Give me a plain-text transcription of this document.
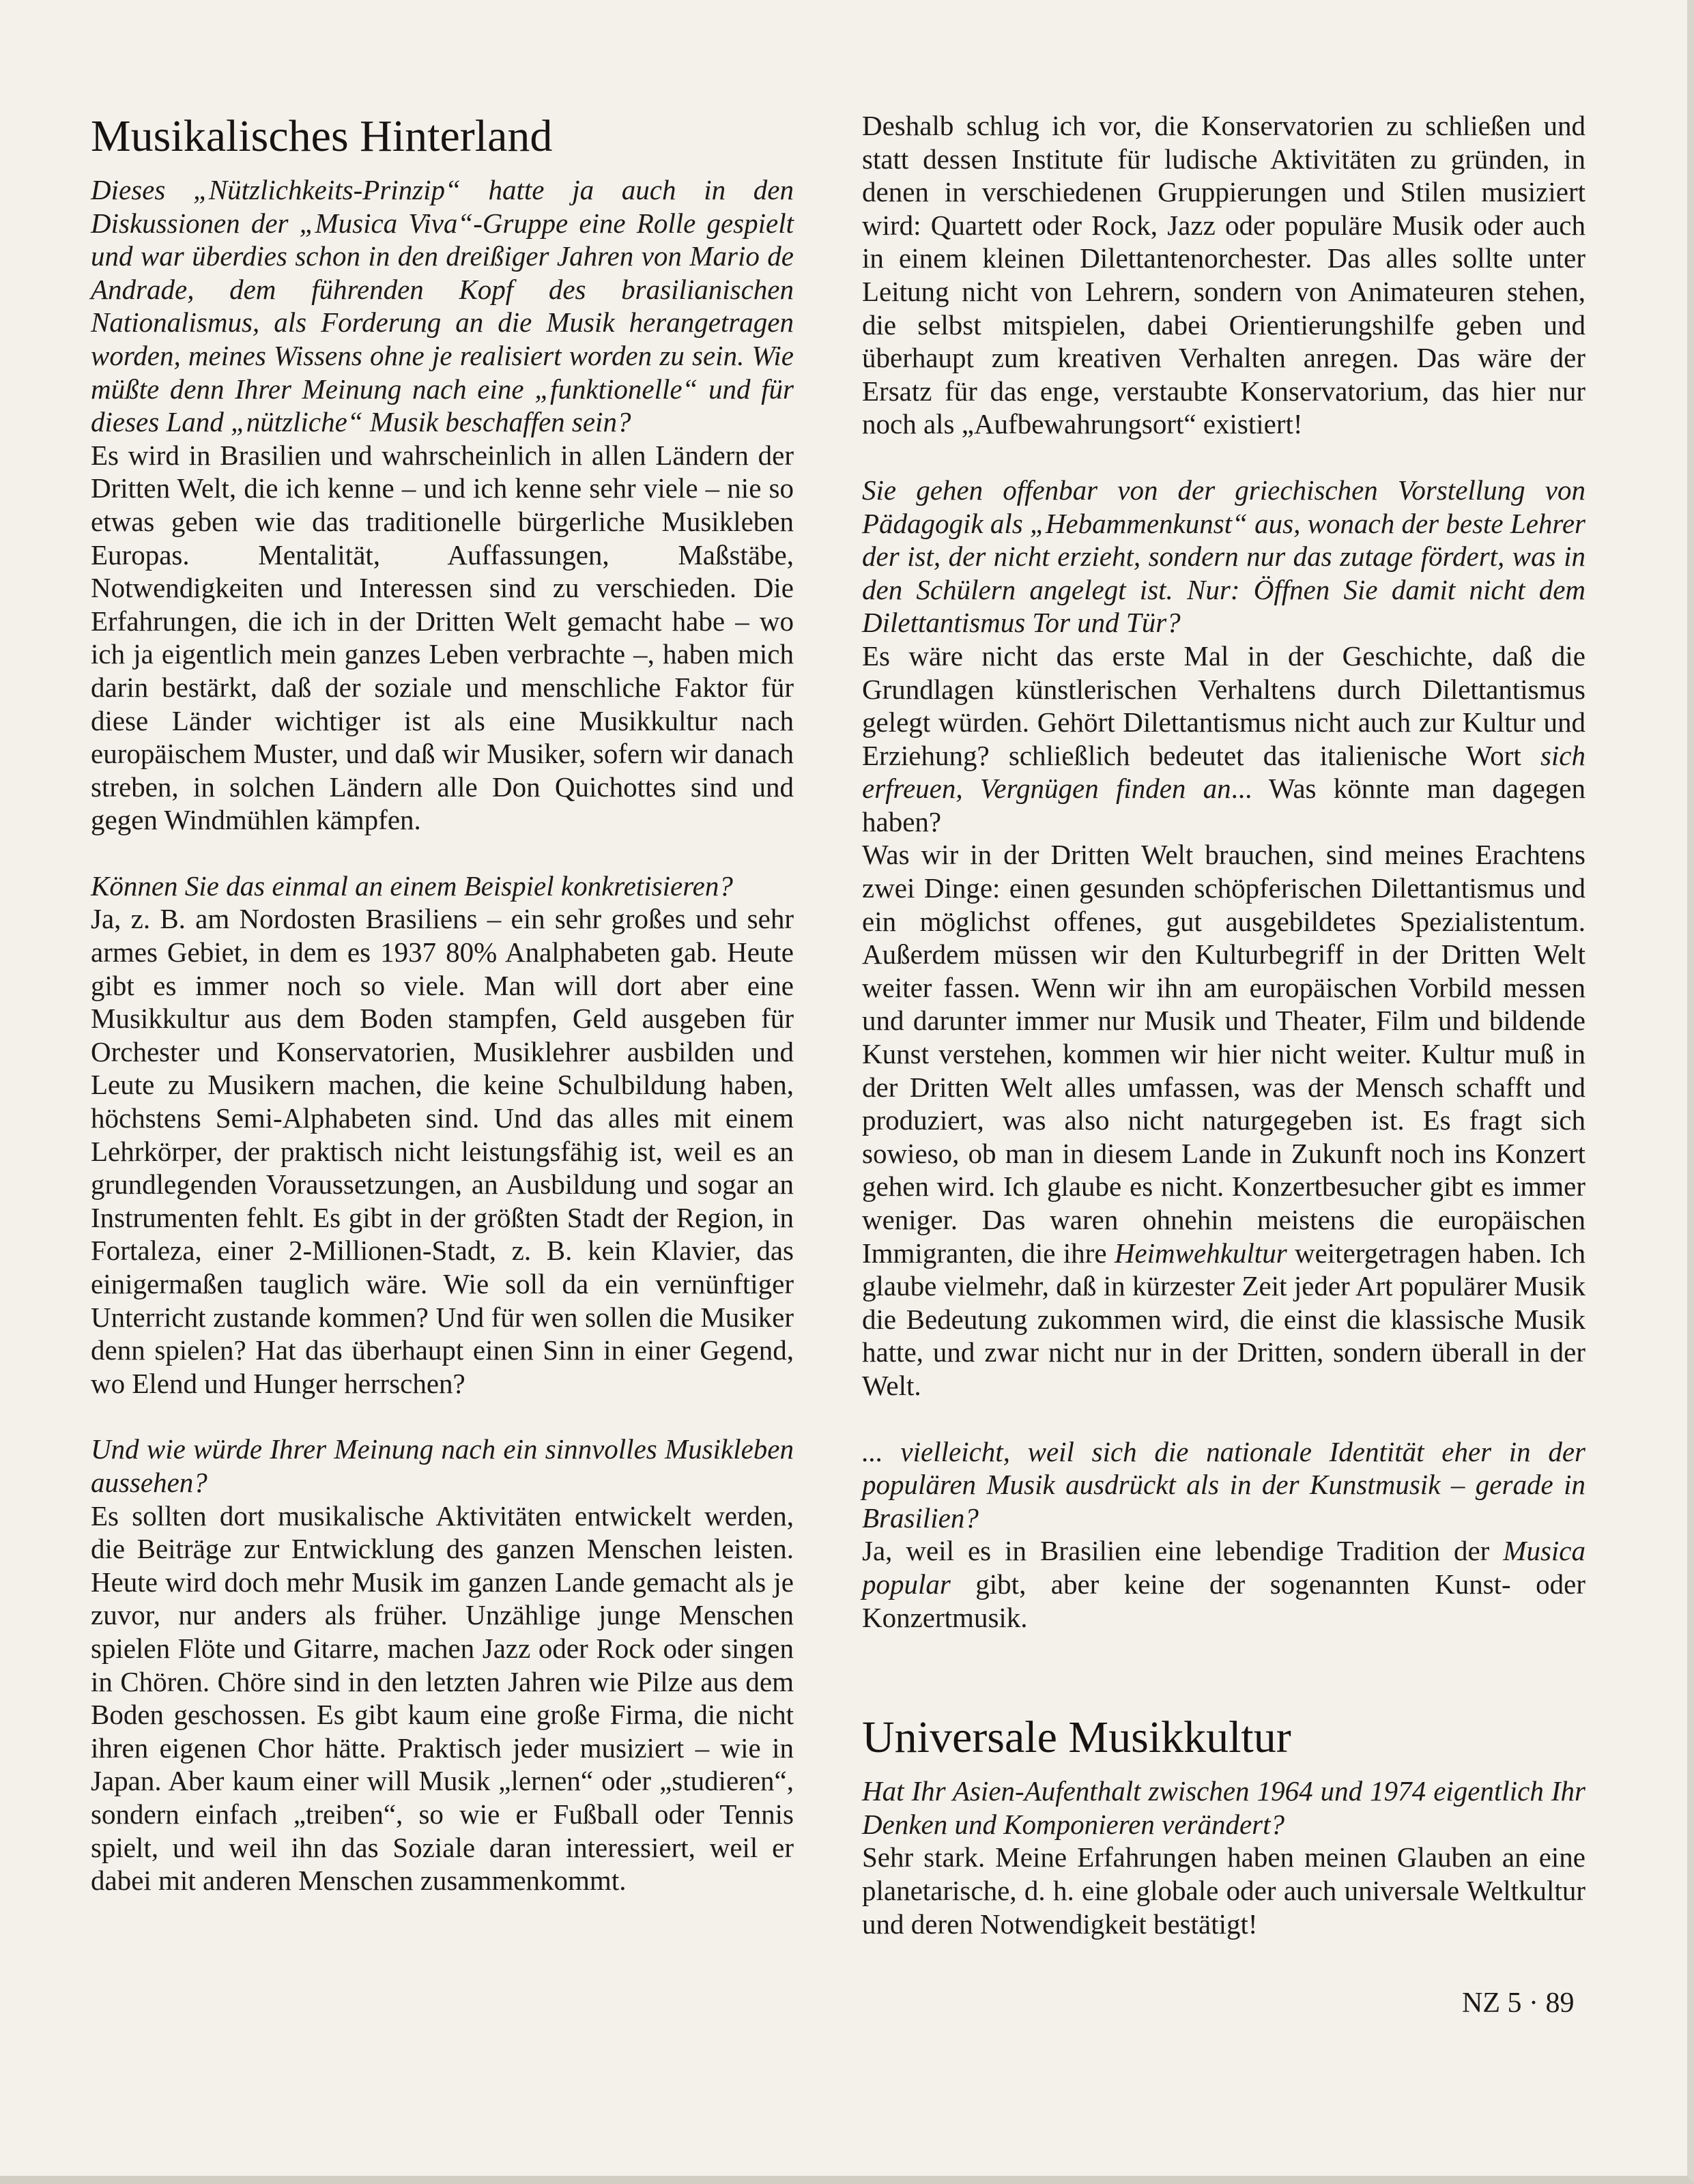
Musikalisches Hinterland

Dieses „Nützlichkeits-Prinzip“ hatte ja auch in den Diskussionen der „Musica Viva“-Gruppe eine Rolle gespielt und war überdies schon in den dreißiger Jahren von Mario de Andrade, dem führenden Kopf des brasilianischen Nationalismus, als Forderung an die Musik herangetragen worden, meines Wissens ohne je realisiert worden zu sein. Wie müßte denn Ihrer Meinung nach eine „funktionelle“ und für dieses Land „nützliche“ Musik beschaffen sein?

Es wird in Brasilien und wahrscheinlich in allen Ländern der Dritten Welt, die ich kenne – und ich kenne sehr viele – nie so etwas geben wie das traditionelle bürgerliche Musikleben Europas. Mentalität, Auffassungen, Maßstäbe, Notwendigkeiten und Interessen sind zu verschieden. Die Erfahrungen, die ich in der Dritten Welt gemacht habe – wo ich ja eigentlich mein ganzes Leben verbrachte –, haben mich darin bestärkt, daß der soziale und menschliche Faktor für diese Länder wichtiger ist als eine Musikkultur nach europäischem Muster, und daß wir Musiker, sofern wir danach streben, in solchen Ländern alle Don Quichottes sind und gegen Windmühlen kämpfen.

Können Sie das einmal an einem Beispiel konkretisieren?

Ja, z. B. am Nordosten Brasiliens – ein sehr großes und sehr armes Gebiet, in dem es 1937 80% Analphabeten gab. Heute gibt es immer noch so viele. Man will dort aber eine Musikkultur aus dem Boden stampfen, Geld ausgeben für Orchester und Konservatorien, Musiklehrer ausbilden und Leute zu Musikern machen, die keine Schulbildung haben, höchstens Semi-Alphabeten sind. Und das alles mit einem Lehrkörper, der praktisch nicht leistungsfähig ist, weil es an grundlegenden Voraussetzungen, an Ausbildung und sogar an Instrumenten fehlt. Es gibt in der größten Stadt der Region, in Fortaleza, einer 2-Millionen-Stadt, z. B. kein Klavier, das einigermaßen tauglich wäre. Wie soll da ein vernünftiger Unterricht zustande kommen? Und für wen sollen die Musiker denn spielen? Hat das überhaupt einen Sinn in einer Gegend, wo Elend und Hunger herrschen?

Und wie würde Ihrer Meinung nach ein sinnvolles Musikleben aussehen?

Es sollten dort musikalische Aktivitäten entwickelt werden, die Beiträge zur Entwicklung des ganzen Menschen leisten. Heute wird doch mehr Musik im ganzen Lande gemacht als je zuvor, nur anders als früher. Unzählige junge Menschen spielen Flöte und Gitarre, machen Jazz oder Rock oder singen in Chören. Chöre sind in den letzten Jahren wie Pilze aus dem Boden geschossen. Es gibt kaum eine große Firma, die nicht ihren eigenen Chor hätte. Praktisch jeder musiziert – wie in Japan. Aber kaum einer will Musik „lernen“ oder „studieren“, sondern einfach „treiben“, so wie er Fußball oder Tennis spielt, und weil ihn das Soziale daran interessiert, weil er dabei mit anderen Menschen zusammenkommt.

Deshalb schlug ich vor, die Konservatorien zu schließen und statt dessen Institute für ludische Aktivitäten zu gründen, in denen in verschiedenen Gruppierungen und Stilen musiziert wird: Quartett oder Rock, Jazz oder populäre Musik oder auch in einem kleinen Dilettantenorchester. Das alles sollte unter Leitung nicht von Lehrern, sondern von Animateuren stehen, die selbst mitspielen, dabei Orientierungshilfe geben und überhaupt zum kreativen Verhalten anregen. Das wäre der Ersatz für das enge, verstaubte Konservatorium, das hier nur noch als „Aufbewahrungsort“ existiert!

Sie gehen offenbar von der griechischen Vorstellung von Pädagogik als „Hebammenkunst“ aus, wonach der beste Lehrer der ist, der nicht erzieht, sondern nur das zutage fördert, was in den Schülern angelegt ist. Nur: Öffnen Sie damit nicht dem Dilettantismus Tor und Tür?

Es wäre nicht das erste Mal in der Geschichte, daß die Grundlagen künstlerischen Verhaltens durch Dilettantismus gelegt würden. Gehört Dilettantismus nicht auch zur Kultur und Erziehung? schließlich bedeutet das italienische Wort sich erfreuen, Vergnügen finden an... Was könnte man dagegen haben?

Was wir in der Dritten Welt brauchen, sind meines Erachtens zwei Dinge: einen gesunden schöpferischen Dilettantismus und ein möglichst offenes, gut ausgebildetes Spezialistentum. Außerdem müssen wir den Kulturbegriff in der Dritten Welt weiter fassen. Wenn wir ihn am europäischen Vorbild messen und darunter immer nur Musik und Theater, Film und bildende Kunst verstehen, kommen wir hier nicht weiter. Kultur muß in der Dritten Welt alles umfassen, was der Mensch schafft und produziert, was also nicht naturgegeben ist. Es fragt sich sowieso, ob man in diesem Lande in Zukunft noch ins Konzert gehen wird. Ich glaube es nicht. Konzertbesucher gibt es immer weniger. Das waren ohnehin meistens die europäischen Immigranten, die ihre Heimwehkultur weitergetragen haben. Ich glaube vielmehr, daß in kürzester Zeit jeder Art populärer Musik die Bedeutung zukommen wird, die einst die klassische Musik hatte, und zwar nicht nur in der Dritten, sondern überall in der Welt.

... vielleicht, weil sich die nationale Identität eher in der populären Musik ausdrückt als in der Kunstmusik – gerade in Brasilien?

Ja, weil es in Brasilien eine lebendige Tradition der Musica popular gibt, aber keine der sogenannten Kunst- oder Konzertmusik.

Universale Musikkultur

Hat Ihr Asien-Aufenthalt zwischen 1964 und 1974 eigentlich Ihr Denken und Komponieren verändert?

Sehr stark. Meine Erfahrungen haben meinen Glauben an eine planetarische, d. h. eine globale oder auch universale Weltkultur und deren Notwendigkeit bestätigt!

NZ 5 · 89
